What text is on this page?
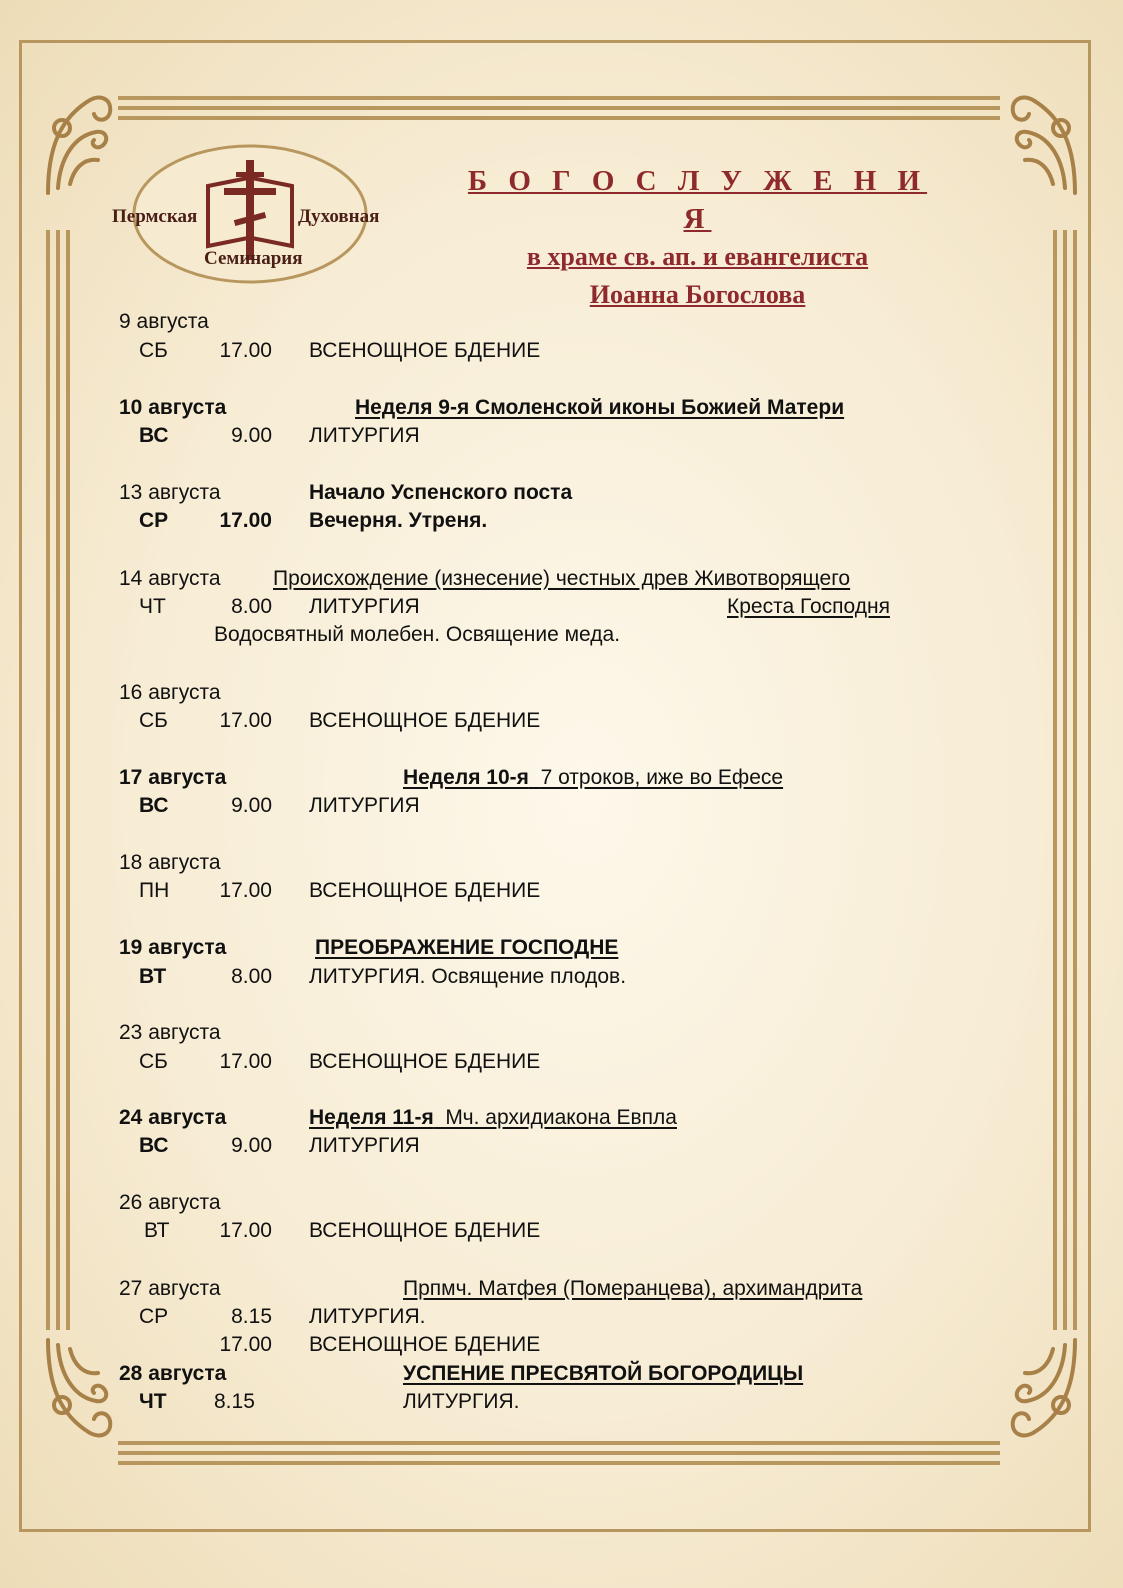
Пермская	Духовная
Семинария
Б О Г О С Л У Ж Е Н И Я
в храме св. ап. и евангелиста
Иоанна Богослова
9 августа
СБ	17.00 ВСЕНОЩНОЕ БДЕНИЕ
10 августа	Неделя 9-я Смоленской иконы Божией Матери
ВС	9.00 ЛИТУРГИЯ
13 августа	Начало Успенского поста
СР	17.00 Вечерня. Утреня.
14 августа Происхождение (изнесение) честных древ Животворящего
ЧТ	8.00 ЛИТУРГИЯ	Креста Господня
Водосвятный молебен. Освящение меда.
16 августа
СБ	17.00 ВСЕНОЩНОЕ БДЕНИЕ
17 августа	Неделя 10-я 7 отроков, иже во Ефесе
ВС	9.00 ЛИТУРГИЯ
18 августа
ПН	17.00 ВСЕНОЩНОЕ БДЕНИЕ
19 августа	ПРЕОБРАЖЕНИЕ ГОСПОДНЕ
ВТ	8.00 ЛИТУРГИЯ. Освящение плодов.
23 августа
СБ	17.00 ВСЕНОЩНОЕ БДЕНИЕ
24 августа	Неделя 11-я Мч. архидиакона Евпла
ВС	9.00 ЛИТУРГИЯ
26 августа
ВТ	17.00 ВСЕНОЩНОЕ БДЕНИЕ
27 августа	Прпмч. Матфея (Померанцева), архимандрита
СР	8.15 ЛИТУРГИЯ.
17.00 ВСЕНОЩНОЕ БДЕНИЕ
28 августа	УСПЕНИЕ ПРЕСВЯТОЙ БОГОРОДИЦЫ
ЧТ 8.15	ЛИТУРГИЯ.
